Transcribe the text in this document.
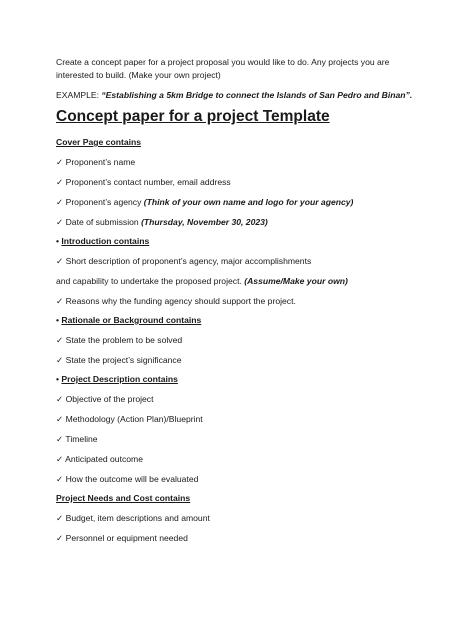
Create a concept paper for a project proposal you would like to do. Any projects you are
interested to build. (Make your own project)
EXAMPLE: “Establishing a 5km Bridge to connect the Islands of San Pedro and Binan”.
Concept paper for a project Template
Cover Page contains
✓ Proponent’s name
✓ Proponent’s contact number, email address
✓ Proponent’s agency (Think of your own name and logo for your agency)
✓ Date of submission (Thursday, November 30, 2023)
• Introduction contains
✓ Short description of proponent’s agency, major accomplishments
and capability to undertake the proposed project. (Assume/Make your own)
✓ Reasons why the funding agency should support the project.
• Rationale or Background contains
✓ State the problem to be solved
✓ State the project’s significance
• Project Description contains
✓ Objective of the project
✓ Methodology (Action Plan)/Blueprint
✓ Timeline
✓ Anticipated outcome
✓ How the outcome will be evaluated
Project Needs and Cost contains
✓ Budget, item descriptions and amount
✓ Personnel or equipment needed
